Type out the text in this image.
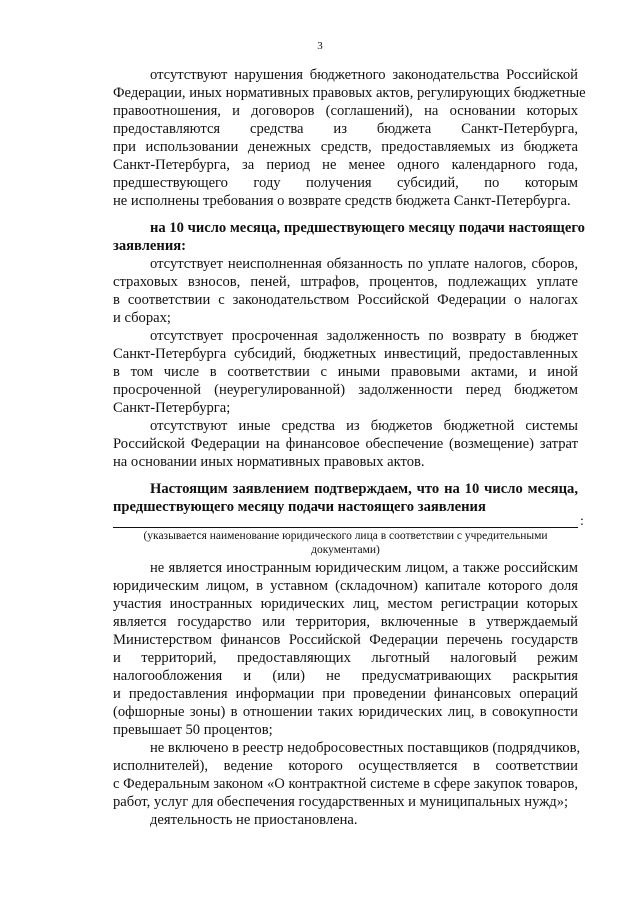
3
отсутствуют нарушения бюджетного законодательства Российской
Федерации, иных нормативных правовых актов, регулирующих бюджетные
правоотношения, и договоров (соглашений), на основании которых
предоставляются средства из бюджета Санкт-Петербурга,
при использовании денежных средств, предоставляемых из бюджета
Санкт-Петербурга, за период не менее одного календарного года,
предшествующего году получения субсидий, по которым
не исполнены требования о возврате средств бюджета Санкт-Петербурга.
на 10 число месяца, предшествующего месяцу подачи настоящего
заявления:
отсутствует неисполненная обязанность по уплате налогов, сборов,
страховых взносов, пеней, штрафов, процентов, подлежащих уплате
в соответствии с законодательством Российской Федерации о налогах
и сборах;
отсутствует просроченная задолженность по возврату в бюджет
Санкт-Петербурга субсидий, бюджетных инвестиций, предоставленных
в том числе в соответствии с иными правовыми актами, и иной
просроченной (неурегулированной) задолженности перед бюджетом
Санкт-Петербурга;
отсутствуют иные средства из бюджетов бюджетной системы
Российской Федерации на финансовое обеспечение (возмещение) затрат
на основании иных нормативных правовых актов.
Настоящим заявлением подтверждаем, что на 10 число месяца,
предшествующего месяцу подачи настоящего заявления
:
(указывается наименование юридического лица в соответствии с учредительными
документами)
не является иностранным юридическим лицом, а также российским
юридическим лицом, в уставном (складочном) капитале которого доля
участия иностранных юридических лиц, местом регистрации которых
является государство или территория, включенные в утверждаемый
Министерством финансов Российской Федерации перечень государств
и территорий, предоставляющих льготный налоговый режим
налогообложения и (или) не предусматривающих раскрытия
и предоставления информации при проведении финансовых операций
(офшорные зоны) в отношении таких юридических лиц, в совокупности
превышает 50 процентов;
не включено в реестр недобросовестных поставщиков (подрядчиков,
исполнителей), ведение которого осуществляется в соответствии
с Федеральным законом «О контрактной системе в сфере закупок товаров,
работ, услуг для обеспечения государственных и муниципальных нужд»;
деятельность не приостановлена.
